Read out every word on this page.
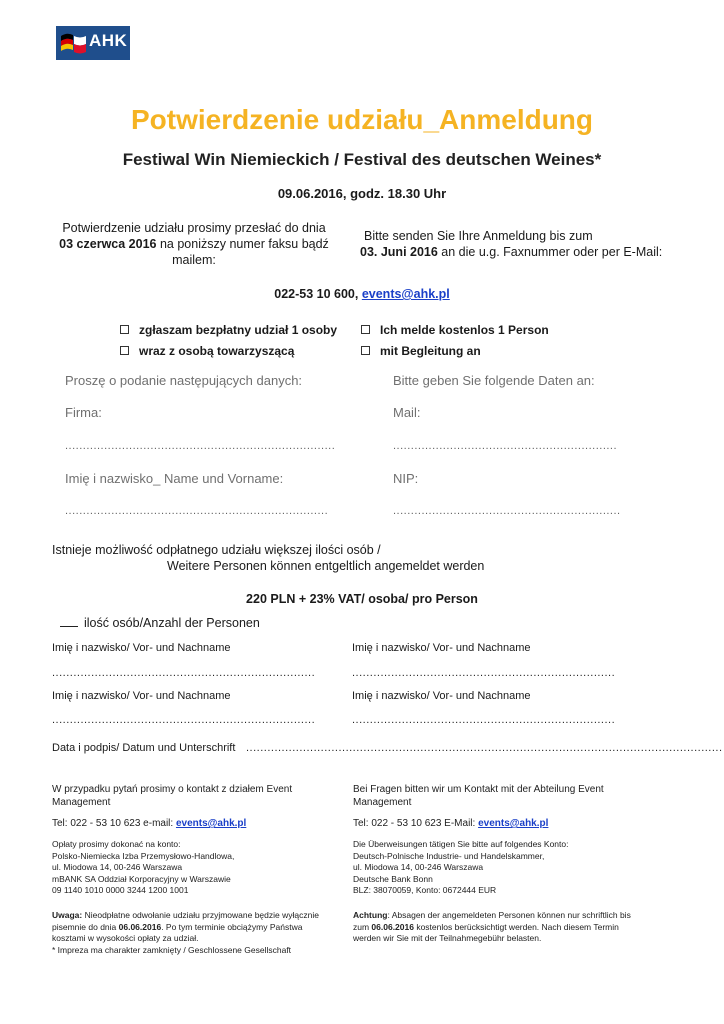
AHK
Potwierdzenie udziału_Anmeldung
Festiwal Win Niemieckich / Festival des deutschen Weines*
09.06.2016, godz. 18.30 Uhr
Potwierdzenie udziału prosimy przesłać do dnia
03 czerwca 2016 na poniższy numer faksu bądź
mailem:
Bitte senden Sie Ihre Anmeldung bis zum
03. Juni 2016 an die u.g. Faxnummer oder per E-Mail:
022-53 10 600, events@ahk.pl
zgłaszam bezpłatny udział 1 osoby
wraz z osobą towarzyszącą
Ich melde kostenlos 1 Person
mit Begleitung an
Proszę o podanie następujących danych:	Bitte geben Sie folgende Daten an:
Firma:	Mail:
............................................................................	...............................................................
Imię i nazwisko_ Name und Vorname:	NIP:
..........................................................................	................................................................
Istnieje możliwość odpłatnego udziału większej ilości osób /
Weitere Personen können entgeltlich angemeldet werden
220 PLN + 23% VAT/ osoba/ pro Person
ilość osób/Anzahl der Personen
Imię i nazwisko/ Vor- und Nachname	Imię i nazwisko/ Vor- und Nachname
..........................................................................	..........................................................................
Imię i nazwisko/ Vor- und Nachname	Imię i nazwisko/ Vor- und Nachname
..........................................................................	..........................................................................
Data i podpis/ Datum und Unterschrift ......................................................................................................................................
W przypadku pytań prosimy o kontakt z działem Event Management
Tel: 022 - 53 10 623 e-mail: events@ahk.pl
Opłaty prosimy dokonać na konto:
Polsko-Niemiecka Izba Przemysłowo-Handlowa,
ul. Miodowa 14, 00-246 Warszawa
mBANK SA Oddział Korporacyjny w Warszawie
09 1140 1010 0000 3244 1200 1001
Uwaga: Nieodpłatne odwołanie udziału przyjmowane będzie wyłącznie
pisemnie do dnia 06.06.2016. Po tym terminie obciążymy Państwa
kosztami w wysokości opłaty za udział.
* Impreza ma charakter zamknięty / Geschlossene Gesellschaft
Bei Fragen bitten wir um Kontakt mit der Abteilung Event Management
Tel: 022 - 53 10 623 E-Mail: events@ahk.pl
Die Überweisungen tätigen Sie bitte auf folgendes Konto:
Deutsch-Polnische Industrie- und Handelskammer,
ul. Miodowa 14, 00-246 Warszawa
Deutsche Bank Bonn
BLZ: 38070059, Konto: 0672444 EUR
Achtung: Absagen der angemeldeten Personen können nur schriftlich bis
zum 06.06.2016 kostenlos berücksichtigt werden. Nach diesem Termin
werden wir Sie mit der Teilnahmegebühr belasten.
